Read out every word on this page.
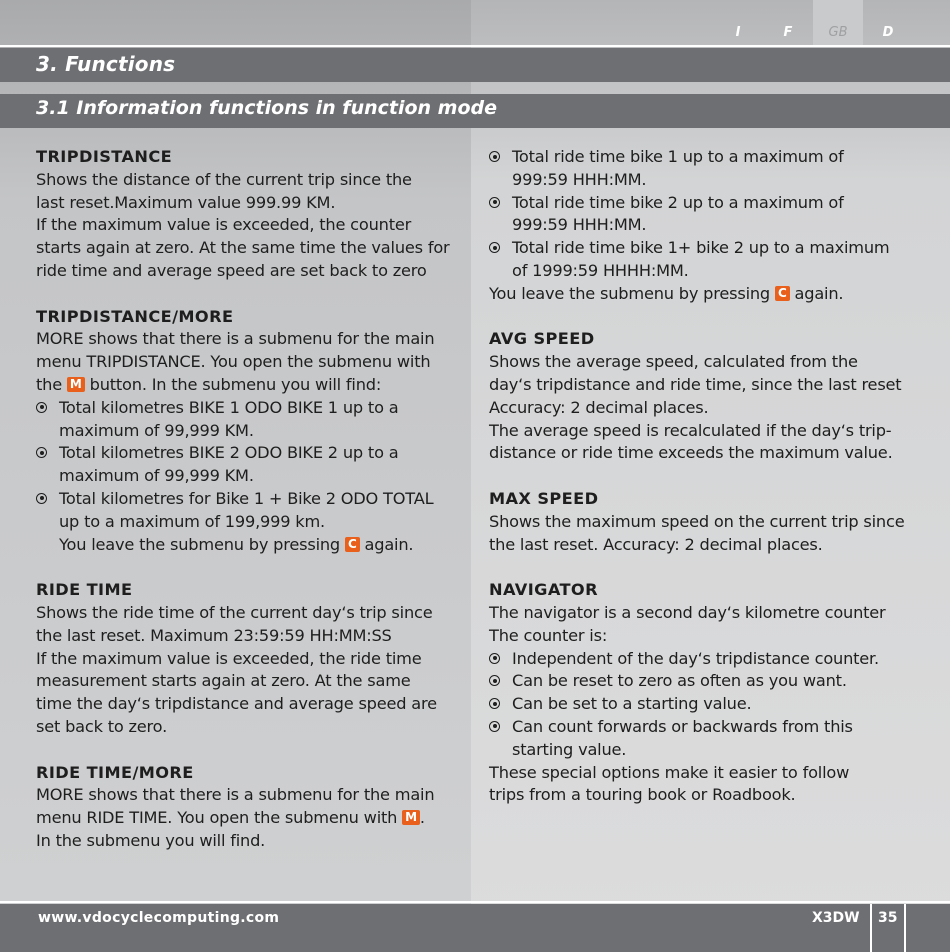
I	F	GB	D
3. Functions
3.1 Information functions in function mode
TRIPDISTANCE
Shows the distance of the current trip since the
last reset.Maximum value 999.99 KM.
If the maximum value is exceeded, the counter
starts again at zero. At the same time the values for
ride time and average speed are set back to zero
TRIPDISTANCE/MORE
MORE shows that there is a submenu for the main
menu TRIPDISTANCE. You open the submenu with
the M button. In the submenu you will find:
Total kilometres BIKE 1 ODO BIKE 1 up to a
maximum of 99,999 KM.
Total kilometres BIKE 2 ODO BIKE 2 up to a
maximum of 99,999 KM.
Total kilometres for Bike 1 + Bike 2 ODO TOTAL
up to a maximum of 199,999 km.
You leave the submenu by pressing C again.
RIDE TIME
Shows the ride time of the current day‘s trip since
the last reset. Maximum 23:59:59 HH:MM:SS
If the maximum value is exceeded, the ride time
measurement starts again at zero. At the same
time the day‘s tripdistance and average speed are
set back to zero.
RIDE TIME/MORE
MORE shows that there is a submenu for the main
menu RIDE TIME. You open the submenu with M .
In the submenu you will find.
Total ride time bike 1 up to a maximum of
999:59 HHH:MM.
Total ride time bike 2 up to a maximum of
999:59 HHH:MM.
Total ride time bike 1+ bike 2 up to a maximum
of 1999:59 HHHH:MM.
You leave the submenu by pressing C again.
AVG SPEED
Shows the average speed, calculated from the
day‘s tripdistance and ride time, since the last reset
Accuracy: 2 decimal places.
The average speed is recalculated if the day‘s trip-
distance or ride time exceeds the maximum value.
MAX SPEED
Shows the maximum speed on the current trip since
the last reset. Accuracy: 2 decimal places.
NAVIGATOR
The navigator is a second day‘s kilometre counter
The counter is:
Independent of the day‘s tripdistance counter.
Can be reset to zero as often as you want.
Can be set to a starting value.
Can count forwards or backwards from this
starting value.
These special options make it easier to follow
trips from a touring book or Roadbook.
www.vdocyclecomputing.com	X3DW 35
